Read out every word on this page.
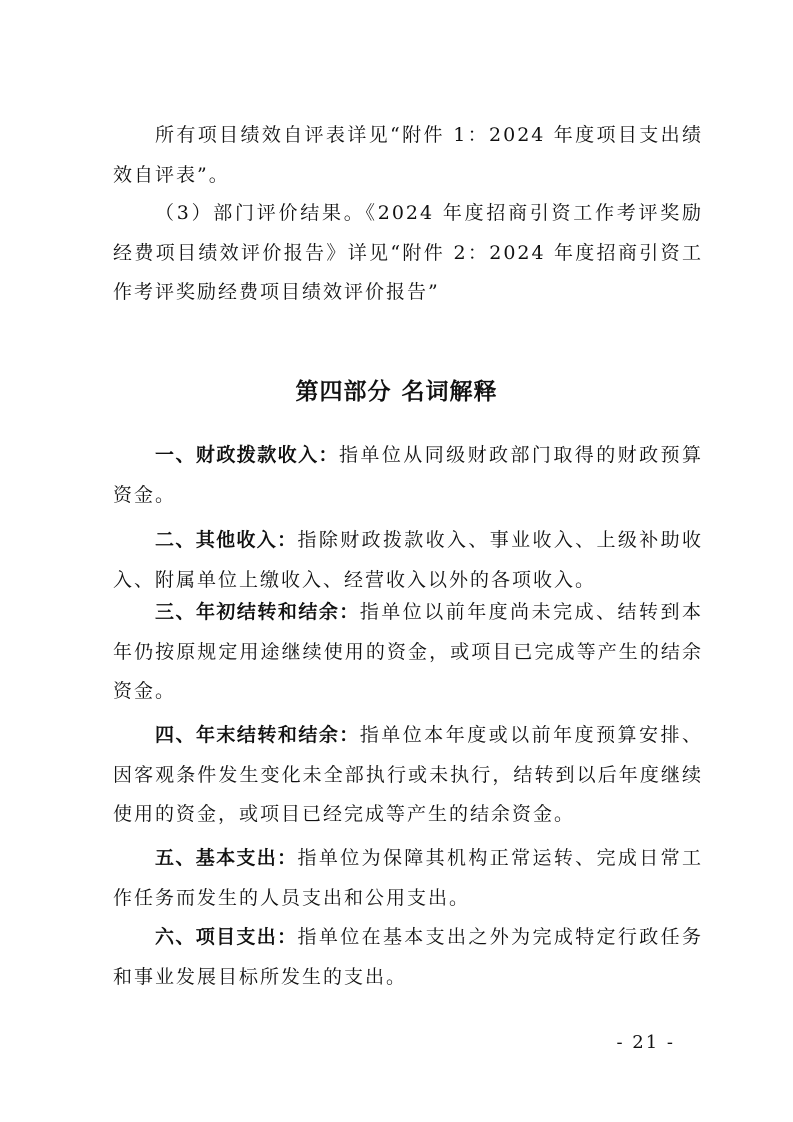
所有项目绩效自评表详见“附件 1：2024 年度项目支出绩效自评表”。

（3）部门评价结果。《2024 年度招商引资工作考评奖励经费项目绩效评价报告》详见“附件 2：2024 年度招商引资工作考评奖励经费项目绩效评价报告”

第四部分 名词解释

一、财政拨款收入：指单位从同级财政部门取得的财政预算资金。

二、其他收入：指除财政拨款收入、事业收入、上级补助收入、附属单位上缴收入、经营收入以外的各项收入。

三、年初结转和结余：指单位以前年度尚未完成、结转到本年仍按原规定用途继续使用的资金，或项目已完成等产生的结余资金。

四、年末结转和结余：指单位本年度或以前年度预算安排、因客观条件发生变化未全部执行或未执行，结转到以后年度继续使用的资金，或项目已经完成等产生的结余资金。

五、基本支出：指单位为保障其机构正常运转、完成日常工作任务而发生的人员支出和公用支出。

六、项目支出：指单位在基本支出之外为完成特定行政任务和事业发展目标所发生的支出。

- 21 -
